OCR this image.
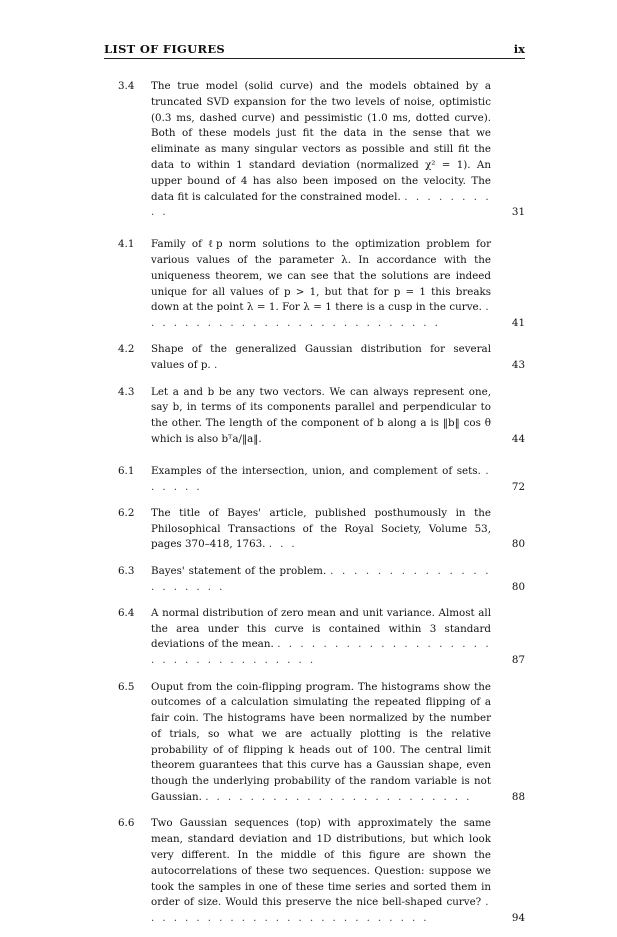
LIST OF FIGURES	ix
3.4	The true model (solid curve) and the models obtained by a truncated SVD expansion for the two levels of noise, optimistic (0.3 ms, dashed curve) and pessimistic (1.0 ms, dotted curve). Both of these models just fit the data in the sense that we eliminate as many singular vectors as possible and still fit the data to within 1 standard deviation (normalized χ² = 1). An upper bound of 4 has also been imposed on the velocity. The data fit is calculated for the constrained model. . . . . . . . . . .	31
4.1	Family of ℓp norm solutions to the optimization problem for various values of the parameter λ. In accordance with the uniqueness theorem, we can see that the solutions are indeed unique for all values of p > 1, but that for p = 1 this breaks down at the point λ = 1. For λ = 1 there is a cusp in the curve. . . . . . . . . . . . . . . . . . . . . . . . . . . .	41
4.2	Shape of the generalized Gaussian distribution for several values of p. .	43
4.3	Let a and b be any two vectors. We can always represent one, say b, in terms of its components parallel and perpendicular to the other. The length of the component of b along a is ‖b‖ cos θ which is also bᵀa/‖a‖.	44
6.1	Examples of the intersection, union, and complement of sets. . . . . . .	72
6.2	The title of Bayes' article, published posthumously in the Philosophical Transactions of the Royal Society, Volume 53, pages 370–418, 1763. . . .	80
6.3	Bayes' statement of the problem. . . . . . . . . . . . . . . . . . . . . .	80
6.4	A normal distribution of zero mean and unit variance. Almost all the area under this curve is contained within 3 standard deviations of the mean. . . . . . . . . . . . . . . . . . . . . . . . . . . . . . . . . . .	87
6.5	Ouput from the coin-flipping program. The histograms show the outcomes of a calculation simulating the repeated flipping of a fair coin. The histograms have been normalized by the number of trials, so what we are actually plotting is the relative probability of of flipping k heads out of 100. The central limit theorem guarantees that this curve has a Gaussian shape, even though the underlying probability of the random variable is not Gaussian. . . . . . . . . . . . . . . . . . . . . . . . .	88
6.6	Two Gaussian sequences (top) with approximately the same mean, standard deviation and 1D distributions, but which look very different. In the middle of this figure are shown the autocorrelations of these two sequences. Question: suppose we took the samples in one of these time series and sorted them in order of size. Would this preserve the nice bell-shaped curve? . . . . . . . . . . . . . . . . . . . . . . . . . .	94
